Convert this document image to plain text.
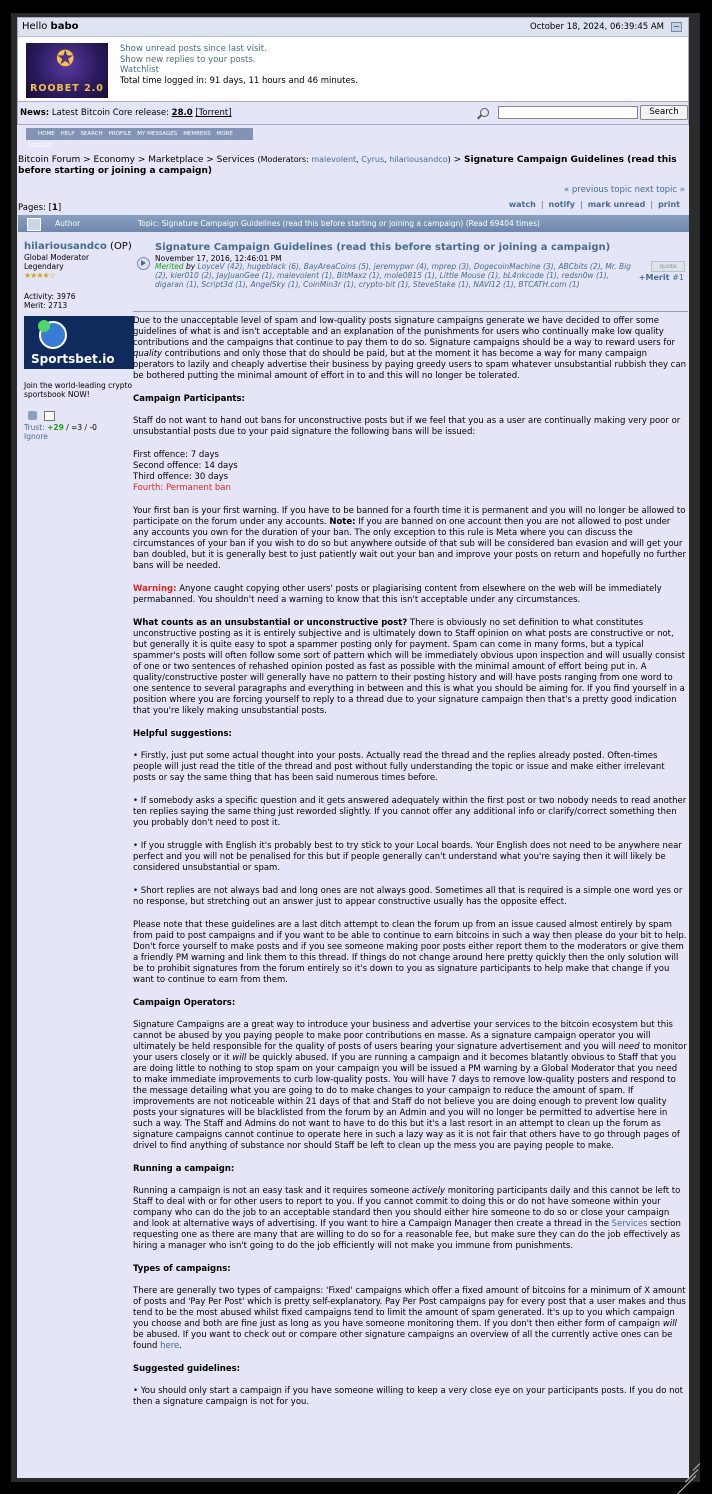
Hello babo	October 18, 2024, 06:39:45 AM
✪
ROOBET 2.0
Show unread posts since last visit.
Show new replies to your posts.
Watchlist
Total time logged in: 91 days, 11 hours and 46 minutes.
News: Latest Bitcoin Core release: 28.0 [Torrent]	Search
HOME HELP SEARCH PROFILE MY MESSAGES MEMBERS MORE LOGOUT
Bitcoin Forum > Economy > Marketplace > Services (Moderators: malevolent, Cyrus, hilariousandco) > Signature Campaign Guidelines (read this before starting or joining a campaign)
« previous topic next topic »
Pages: [1]	watch | notify | mark unread | print
Author	Topic: Signature Campaign Guidelines (read this before starting or joining a campaign) (Read 69404 times)
hilariousandco (OP)
Global Moderator
Legendary
★★★★☆
Activity: 3976
Merit: 2713
Sportsbet.io
Join the world-leading crypto sportsbook NOW!
Trust: +29 / =3 / -0
Ignore
Signature Campaign Guidelines (read this before starting or joining a campaign)
November 17, 2016, 12:46:01 PM
Merited by LoyceV (42), hugeblack (6), BayAreaCoins (5), jeremypwr (4), mprep (3), DogecoinMachine (3), ABCbits (2), Mr. Big (2), kier010 (2), JayJuanGee (1), malevolent (1), BitMaxz (1), mole0815 (1), Little Mouse (1), bL4nkcode (1), redsn0w (1), digaran (1), Script3d (1), AngelSky (1), CoinMin3r (1), crypto-bit (1), SteveStake (1), NAVI12 (1), BTCATH.com (1)
quote
+Merit #1

Due to the unacceptable level of spam and low-quality posts signature campaigns generate we have decided to offer some guidelines of what is and isn't acceptable and an explanation of the punishments for users who continually make low quality contributions and the campaigns that continue to pay them to do so. Signature campaigns should be a way to reward users for quality contributions and only those that do should be paid, but at the moment it has become a way for many campaign operators to lazily and cheaply advertise their business by paying greedy users to spam whatever unsubstantial rubbish they can be bothered putting the minimal amount of effort in to and this will no longer be tolerated.

Campaign Participants:

Staff do not want to hand out bans for unconstructive posts but if we feel that you as a user are continually making very poor or unsubstantial posts due to your paid signature the following bans will be issued:

First offence: 7 days
Second offence: 14 days
Third offence: 30 days
Fourth: Permanent ban

Your first ban is your first warning. If you have to be banned for a fourth time it is permanent and you will no longer be allowed to participate on the forum under any accounts. Note: If you are banned on one account then you are not allowed to post under any accounts you own for the duration of your ban. The only exception to this rule is Meta where you can discuss the circumstances of your ban if you wish to do so but anywhere outside of that sub will be considered ban evasion and will get your ban doubled, but it is generally best to just patiently wait out your ban and improve your posts on return and hopefully no further bans will be needed.

Warning: Anyone caught copying other users' posts or plagiarising content from elsewhere on the web will be immediately permabanned. You shouldn't need a warning to know that this isn't acceptable under any circumstances.

What counts as an unsubstantial or unconstructive post? There is obviously no set definition to what constitutes unconstructive posting as it is entirely subjective and is ultimately down to Staff opinion on what posts are constructive or not, but generally it is quite easy to spot a spammer posting only for payment. Spam can come in many forms, but a typical spammer's posts will often follow some sort of pattern which will be immediately obvious upon inspection and will usually consist of one or two sentences of rehashed opinion posted as fast as possible with the minimal amount of effort being put in. A quality/constructive poster will generally have no pattern to their posting history and will have posts ranging from one word to one sentence to several paragraphs and everything in between and this is what you should be aiming for. If you find yourself in a position where you are forcing yourself to reply to a thread due to your signature campaign then that's a pretty good indication that you're likely making unsubstantial posts.

Helpful suggestions:

• Firstly, just put some actual thought into your posts. Actually read the thread and the replies already posted. Often-times people will just read the title of the thread and post without fully understanding the topic or issue and make either irrelevant posts or say the same thing that has been said numerous times before.

• If somebody asks a specific question and it gets answered adequately within the first post or two nobody needs to read another ten replies saying the same thing just reworded slightly. If you cannot offer any additional info or clarify/correct something then you probably don't need to post it.

• If you struggle with English it's probably best to try stick to your Local boards. Your English does not need to be anywhere near perfect and you will not be penalised for this but if people generally can't understand what you're saying then it will likely be considered unsubstantial or spam.

• Short replies are not always bad and long ones are not always good. Sometimes all that is required is a simple one word yes or no response, but stretching out an answer just to appear constructive usually has the opposite effect.

Please note that these guidelines are a last ditch attempt to clean the forum up from an issue caused almost entirely by spam from paid to post campaigns and if you want to be able to continue to earn bitcoins in such a way then please do your bit to help. Don't force yourself to make posts and if you see someone making poor posts either report them to the moderators or give them a friendly PM warning and link them to this thread. If things do not change around here pretty quickly then the only solution will be to prohibit signatures from the forum entirely so it's down to you as signature participants to help make that change if you want to continue to earn from them.

Campaign Operators:

Signature Campaigns are a great way to introduce your business and advertise your services to the bitcoin ecosystem but this cannot be abused by you paying people to make poor contributions en masse. As a signature campaign operator you will ultimately be held responsible for the quality of posts of users bearing your signature advertisement and you will need to monitor your users closely or it will be quickly abused. If you are running a campaign and it becomes blatantly obvious to Staff that you are doing little to nothing to stop spam on your campaign you will be issued a PM warning by a Global Moderator that you need to make immediate improvements to curb low-quality posts. You will have 7 days to remove low-quality posters and respond to the message detailing what you are going to do to make changes to your campaign to reduce the amount of spam. If improvements are not noticeable within 21 days of that and Staff do not believe you are doing enough to prevent low quality posts your signatures will be blacklisted from the forum by an Admin and you will no longer be permitted to advertise here in such a way. The Staff and Admins do not want to have to do this but it's a last resort in an attempt to clean up the forum as signature campaigns cannot continue to operate here in such a lazy way as it is not fair that others have to go through pages of drivel to find anything of substance nor should Staff be left to clean up the mess you are paying people to make.

Running a campaign:

Running a campaign is not an easy task and it requires someone actively monitoring participants daily and this cannot be left to Staff to deal with or for other users to report to you. If you cannot commit to doing this or do not have someone within your company who can do the job to an acceptable standard then you should either hire someone to do so or close your campaign and look at alternative ways of advertising. If you want to hire a Campaign Manager then create a thread in the Services section requesting one as there are many that are willing to do so for a reasonable fee, but make sure they can do the job effectively as hiring a manager who isn't going to do the job efficiently will not make you immune from punishments.

Types of campaigns:

There are generally two types of campaigns: 'Fixed' campaigns which offer a fixed amount of bitcoins for a minimum of X amount of posts and 'Pay Per Post' which is pretty self-explanatory. Pay Per Post campaigns pay for every post that a user makes and thus tend to be the most abused whilst fixed campaigns tend to limit the amount of spam generated. It's up to you which campaign you choose and both are fine just as long as you have someone monitoring them. If you don't then either form of campaign will be abused. If you want to check out or compare other signature campaigns an overview of all the currently active ones can be found here.

Suggested guidelines:

• You should only start a campaign if you have someone willing to keep a very close eye on your participants posts. If you do not then a signature campaign is not for you.
